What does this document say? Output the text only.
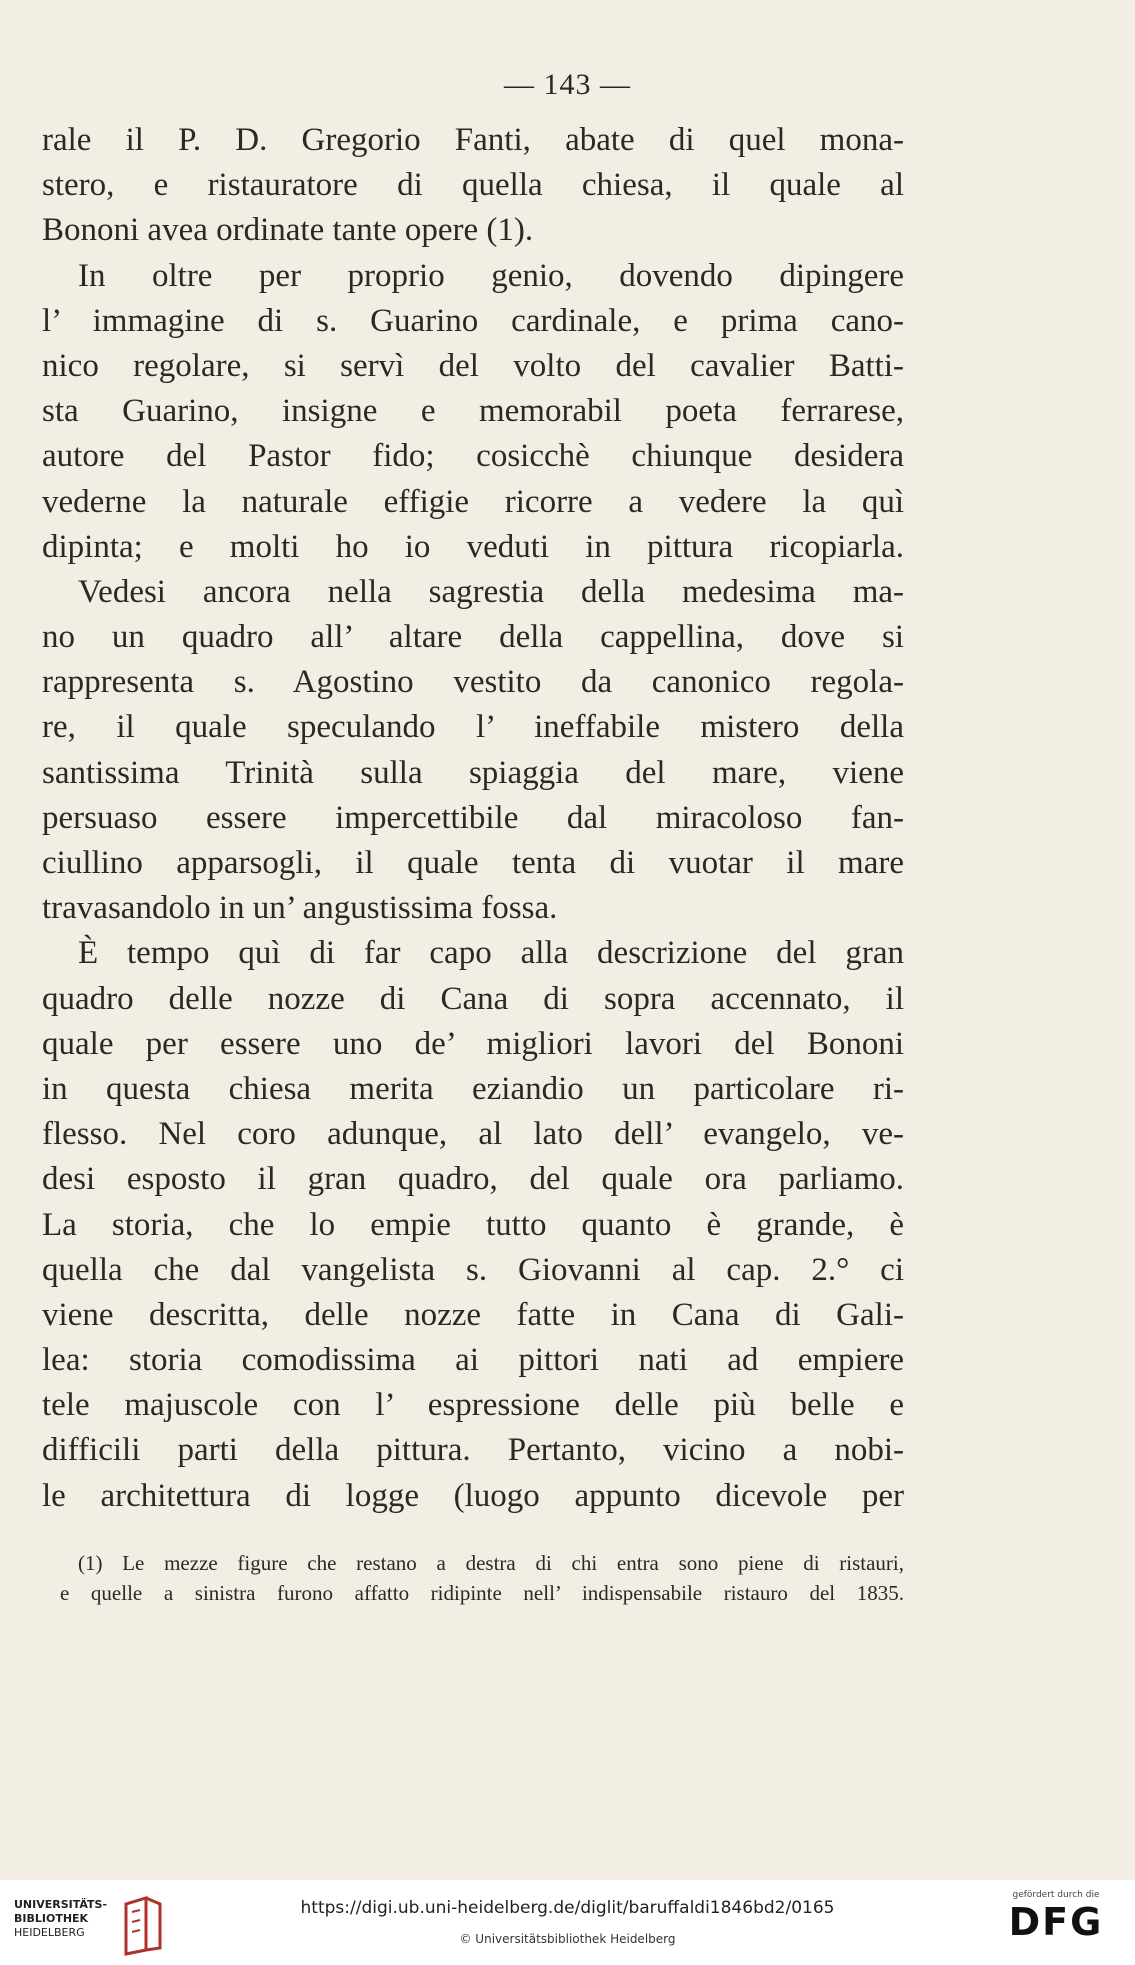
— 143 —
rale il P. D. Gregorio Fanti, abate di quel mona-
stero, e ristauratore di quella chiesa, il quale al
Bononi avea ordinate tante opere (1).
In oltre per proprio genio, dovendo dipingere
l’ immagine di s. Guarino cardinale, e prima cano-
nico regolare, si servì del volto del cavalier Batti-
sta Guarino, insigne e memorabil poeta ferrarese,
autore del Pastor fido; cosicchè chiunque desidera
vederne la naturale effigie ricorre a vedere la quì
dipinta; e molti ho io veduti in pittura ricopiarla.
Vedesi ancora nella sagrestia della medesima ma-
no un quadro all’ altare della cappellina, dove si
rappresenta s. Agostino vestito da canonico regola-
re, il quale speculando l’ ineffabile mistero della
santissima Trinità sulla spiaggia del mare, viene
persuaso essere impercettibile dal miracoloso fan-
ciullino apparsogli, il quale tenta di vuotar il mare
travasandolo in un’ angustissima fossa.
È tempo quì di far capo alla descrizione del gran
quadro delle nozze di Cana di sopra accennato, il
quale per essere uno de’ migliori lavori del Bononi
in questa chiesa merita eziandio un particolare ri-
flesso. Nel coro adunque, al lato dell’ evangelo, ve-
desi esposto il gran quadro, del quale ora parliamo.
La storia, che lo empie tutto quanto è grande, è
quella che dal vangelista s. Giovanni al cap. 2.° ci
viene descritta, delle nozze fatte in Cana di Gali-
lea: storia comodissima ai pittori nati ad empiere
tele majuscole con l’ espressione delle più belle e
difficili parti della pittura. Pertanto, vicino a nobi-
le architettura di logge (luogo appunto dicevole per
(1) Le mezze figure che restano a destra di chi entra sono piene di ristauri,
e quelle a sinistra furono affatto ridipinte nell’ indispensabile ristauro del 1835.
UNIVERSITÄTS-
BIBLIOTHEK
HEIDELBERG
https://digi.ub.uni-heidelberg.de/diglit/baruffaldi1846bd2/0165
© Universitätsbibliothek Heidelberg
gefördert durch die
DFG
